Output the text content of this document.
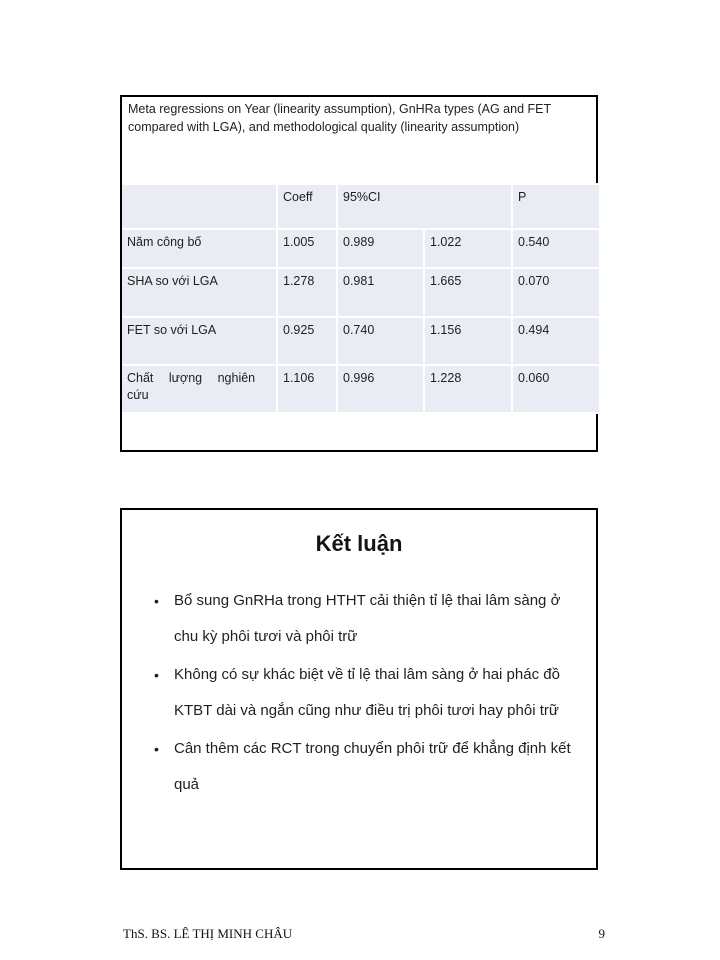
Meta regressions on Year (linearity assumption), GnHRa types (AG and FET compared with LGA), and methodological quality (linearity assumption)
	Coeff	95%CI		P
Năm công bố	1.005	0.989	1.022	0.540
SHA so với LGA	1.278	0.981	1.665	0.070
FET so với LGA	0.925	0.740	1.156	0.494
Chất lượng nghiên cứu	1.106	0.996	1.228	0.060
Kết luận
• Bổ sung GnRHa trong HTHT cải thiện tỉ lệ thai lâm sàng ở chu kỳ phôi tươi và phôi trữ
• Không có sự khác biệt về tỉ lệ thai lâm sàng ở hai phác đồ KTBT dài và ngắn cũng như điều trị phôi tươi hay phôi trữ
• Cân thêm các RCT trong chuyển phôi trữ để khẳng định kết quả
ThS. BS. LÊ THỊ MINH CHÂU	9
